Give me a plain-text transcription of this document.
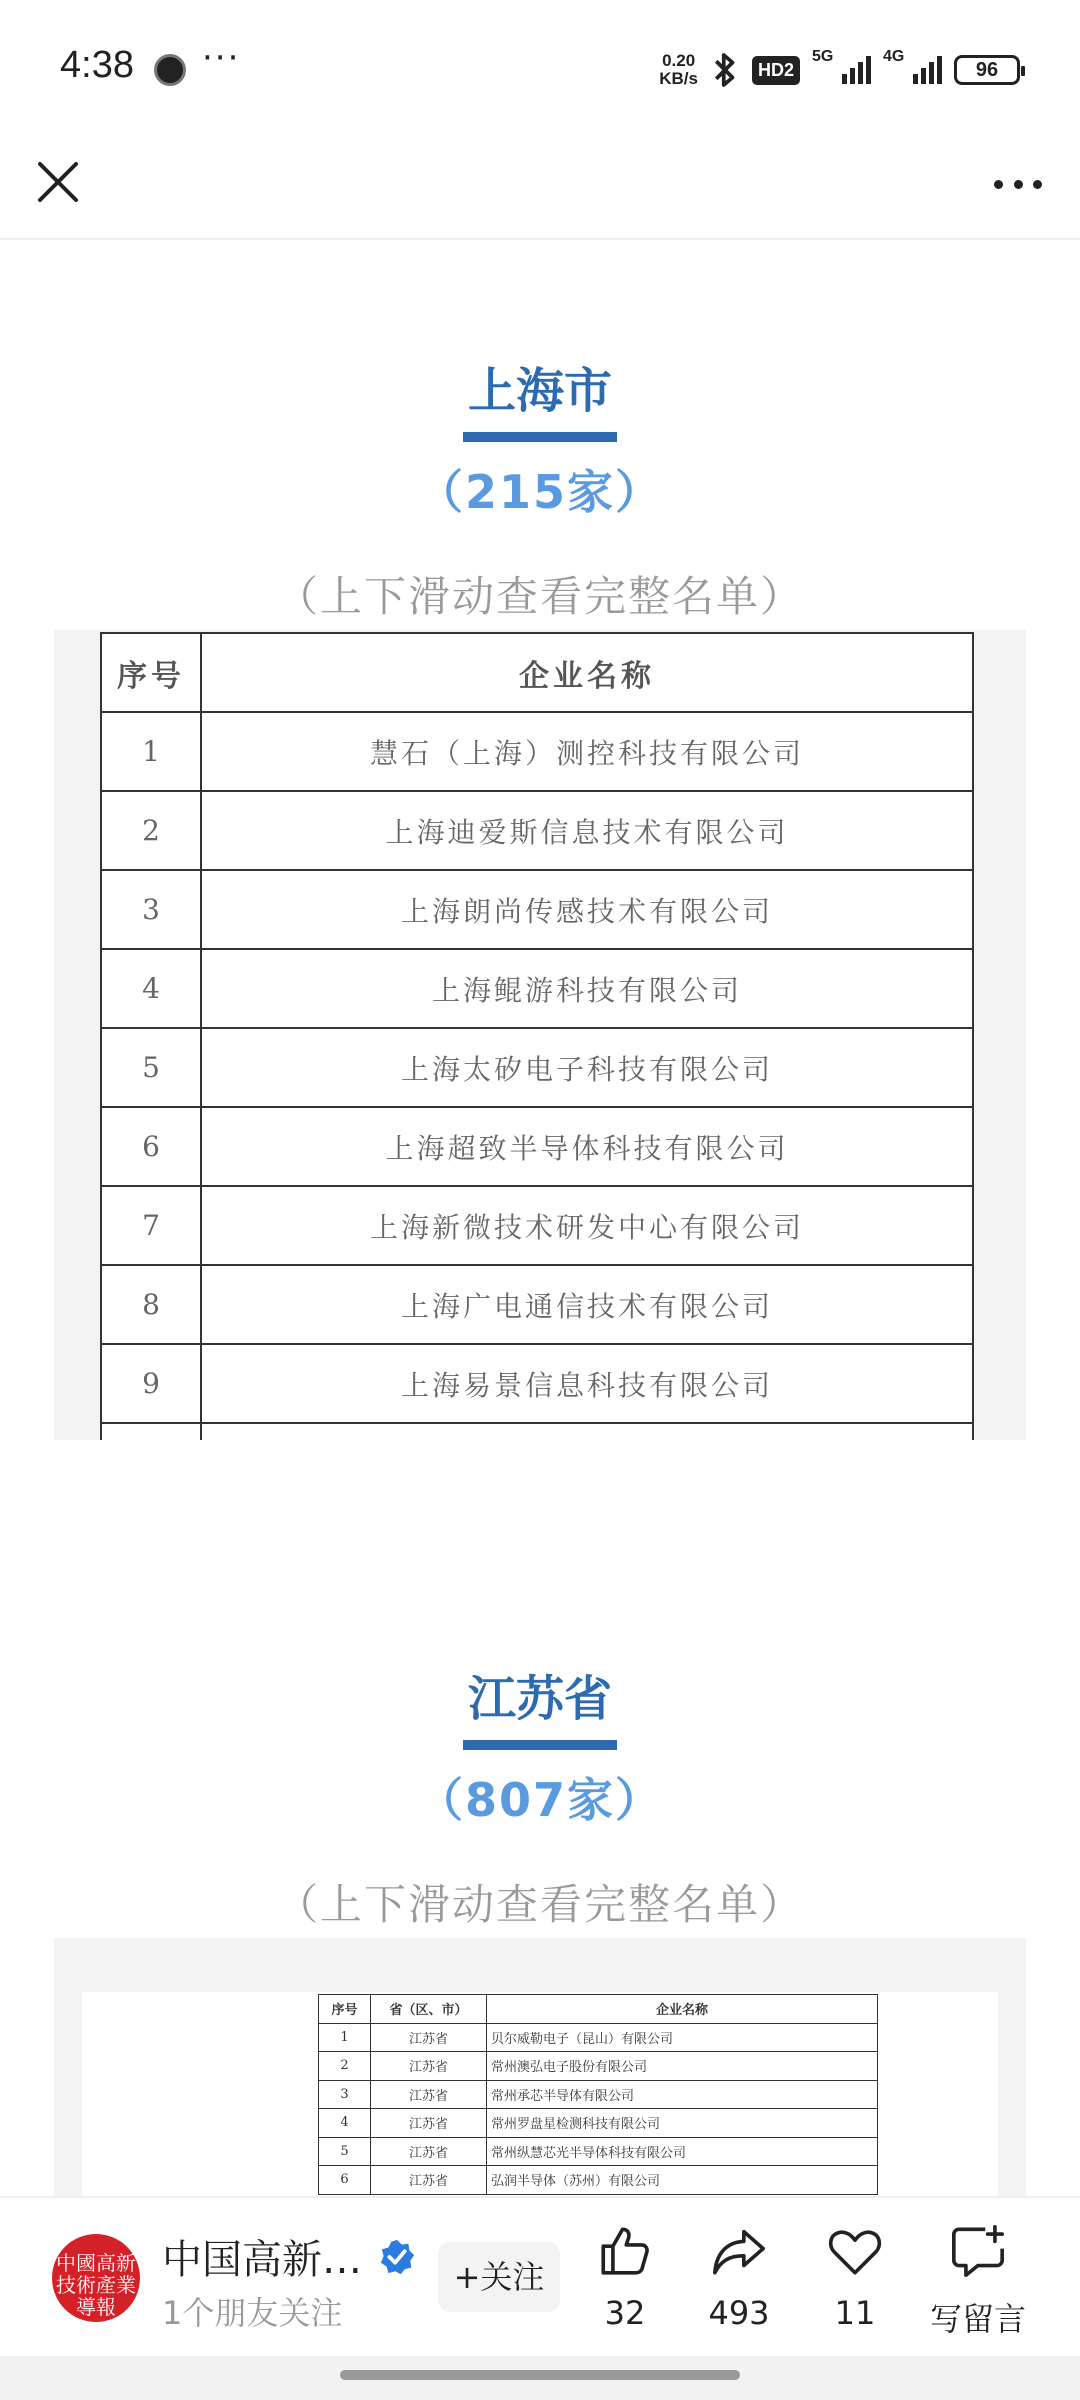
4:38 ···	0.20
KB/s	HD2
5G	4G
96
上海市
（215家）
（上下滑动查看完整名单）
序号	企业名称
1	慧石（上海）测控科技有限公司
2	上海迪爱斯信息技术有限公司
3	上海朗尚传感技术有限公司
4	上海鲲游科技有限公司
5	上海太矽电子科技有限公司
6	上海超致半导体科技有限公司
7	上海新微技术研发中心有限公司
8	上海广电通信技术有限公司
9	上海易景信息科技有限公司

江苏省
（807家）
（上下滑动查看完整名单）
序号	省（区、市）	企业名称
1	江苏省	贝尔威勒电子（昆山）有限公司
2	江苏省	常州澳弘电子股份有限公司
3	江苏省	常州承芯半导体有限公司
4	江苏省	常州罗盘星检测科技有限公司
5	江苏省	常州纵慧芯光半导体科技有限公司
6	江苏省	弘润半导体（苏州）有限公司
中國高新 技術產業導報
中国高新…
1个朋友关注
+关注
32	493	11	写留言
